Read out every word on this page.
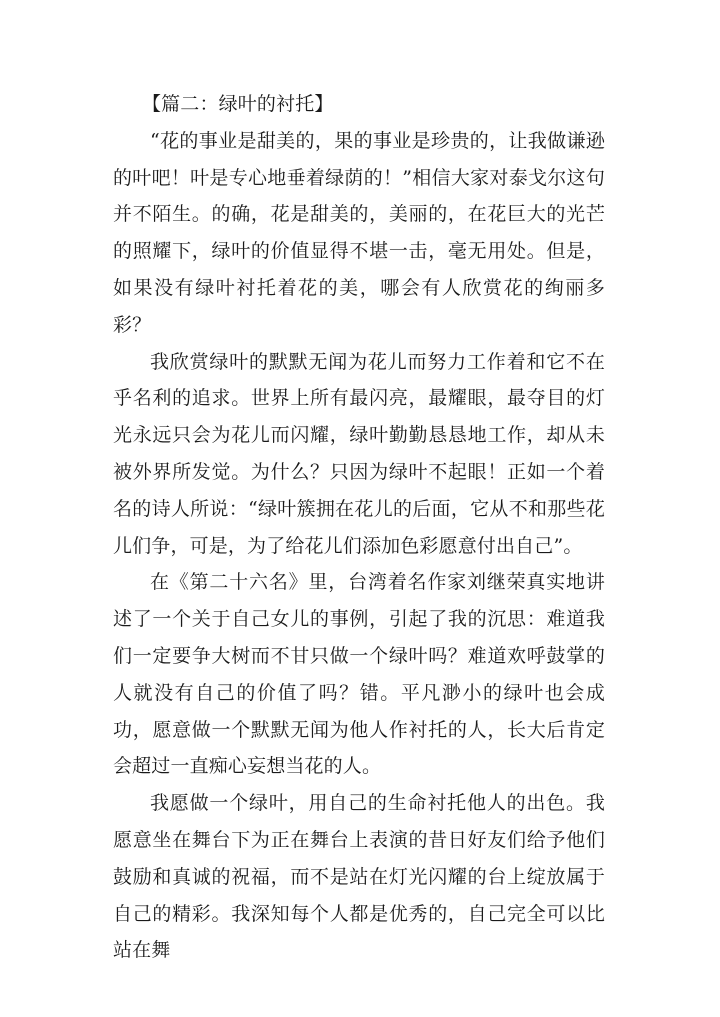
【篇二：绿叶的衬托】

“花的事业是甜美的，果的事业是珍贵的，让我做谦逊的叶吧！叶是专心地垂着绿荫的！”相信大家对泰戈尔这句并不陌生。的确，花是甜美的，美丽的，在花巨大的光芒的照耀下，绿叶的价值显得不堪一击，毫无用处。但是，如果没有绿叶衬托着花的美，哪会有人欣赏花的绚丽多彩？

我欣赏绿叶的默默无闻为花儿而努力工作着和它不在乎名利的追求。世界上所有最闪亮，最耀眼，最夺目的灯光永远只会为花儿而闪耀，绿叶勤勤恳恳地工作，却从未被外界所发觉。为什么？只因为绿叶不起眼！正如一个着名的诗人所说：“绿叶簇拥在花儿的后面，它从不和那些花儿们争，可是，为了给花儿们添加色彩愿意付出自己”。

在《第二十六名》里，台湾着名作家刘继荣真实地讲述了一个关于自己女儿的事例，引起了我的沉思：难道我们一定要争大树而不甘只做一个绿叶吗？难道欢呼鼓掌的人就没有自己的价值了吗？错。平凡渺小的绿叶也会成功，愿意做一个默默无闻为他人作衬托的人，长大后肯定会超过一直痴心妄想当花的人。

我愿做一个绿叶，用自己的生命衬托他人的出色。我愿意坐在舞台下为正在舞台上表演的昔日好友们给予他们鼓励和真诚的祝福，而不是站在灯光闪耀的台上绽放属于自己的精彩。我深知每个人都是优秀的，自己完全可以比站在舞
